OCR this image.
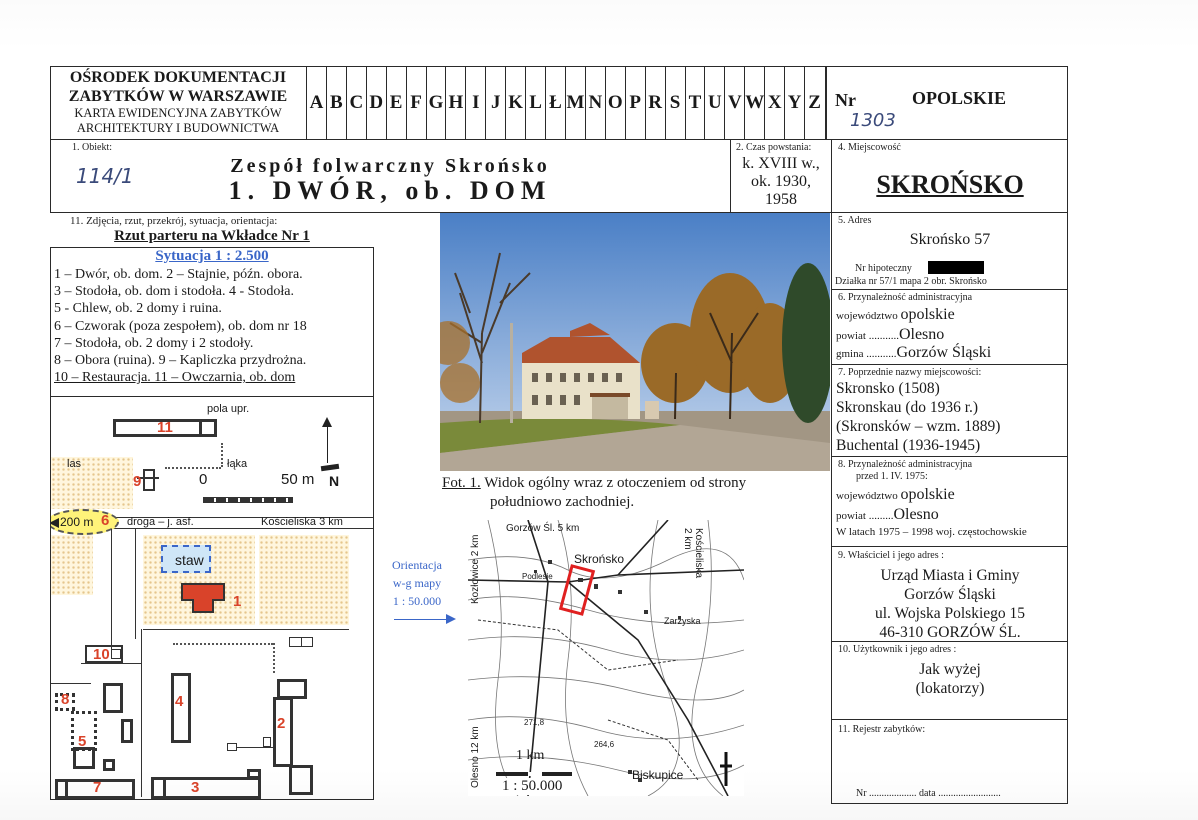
OŚRODEK DOKUMENTACJI
ZABYTKÓW W WARSZAWIE
KARTA EWIDENCYJNA ZABYTKÓW
ARCHITEKTURY I BUDOWNICTWA
A B C D E F G H I J K L Ł M N O P R S T U V W X Y Z Nr
1303
OPOLSKIE
1. Obiekt:
114/1	Zespół folwarczny Skrońsko
1. DWÓR, ob. DOM
2. Czas powstania:
k. XVIII w.,
ok. 1930,
1958
4. Miejscowość
SKROŃSKO
11. Zdjęcia, rzut, przekrój, sytuacja, orientacja:
Rzut parteru na Wkładce Nr 1
Sytuacja 1 : 2.500
1 – Dwór, ob. dom. 2 – Stajnie, późn. obora.
3 – Stodoła, ob. dom i stodoła. 4 - Stodoła.
5 - Chlew, ob. 2 domy i ruina.
6 – Czworak (poza zespołem), ob. dom nr 18
7 – Stodoła, ob. 2 domy i 2 stodoły.
8 – Obora (ruina). 9 – Kapliczka przydrożna.
10 – Restauracja. 11 – Owczarnia, ob. dom
pola upr.
11
N
las	łąka
9	0	50 m
200 m 6 droga – j. asf.	Kościeliska 3 km
staw
1
10
4
2
8
5
7	3
Fot. 1. Widok ogólny wraz z otoczeniem od strony
południowo zachodniej.
Orientacja
w-g mapy
1 : 50.000
Gorzów Śl. 5 km	Kościeliska 2 km
Kozłowice 2 km
Olesno 12 km
Skrońsko
Podlesie
Zarzyska
Biskupice
271,8
264,6
1 km
1 : 50.000
5. Adres
Skrońsko 57
Nr hipoteczny
Działka nr 57/1 mapa 2 obr. Skrońsko
6. Przynależność administracyjna
województwo opolskie
powiat ...........Olesno
gmina ...........Gorzów Śląski
7. Poprzednie nazwy miejscowości:
Skronsko (1508)
Skronskau (do 1936 r.)
(Skronsków – wzm. 1889)
Buchental (1936-1945)
8. Przynależność administracyjna
przed 1. IV. 1975:
województwo opolskie
powiat .........Olesno
W latach 1975 – 1998 woj. częstochowskie
9. Właściciel i jego adres :
Urząd Miasta i Gminy
Gorzów Śląski
ul. Wojska Polskiego 15
46-310 GORZÓW ŚL.
10. Użytkownik i jego adres :
Jak wyżej
(lokatorzy)
11. Rejestr zabytków:
Nr ................... data .........................
